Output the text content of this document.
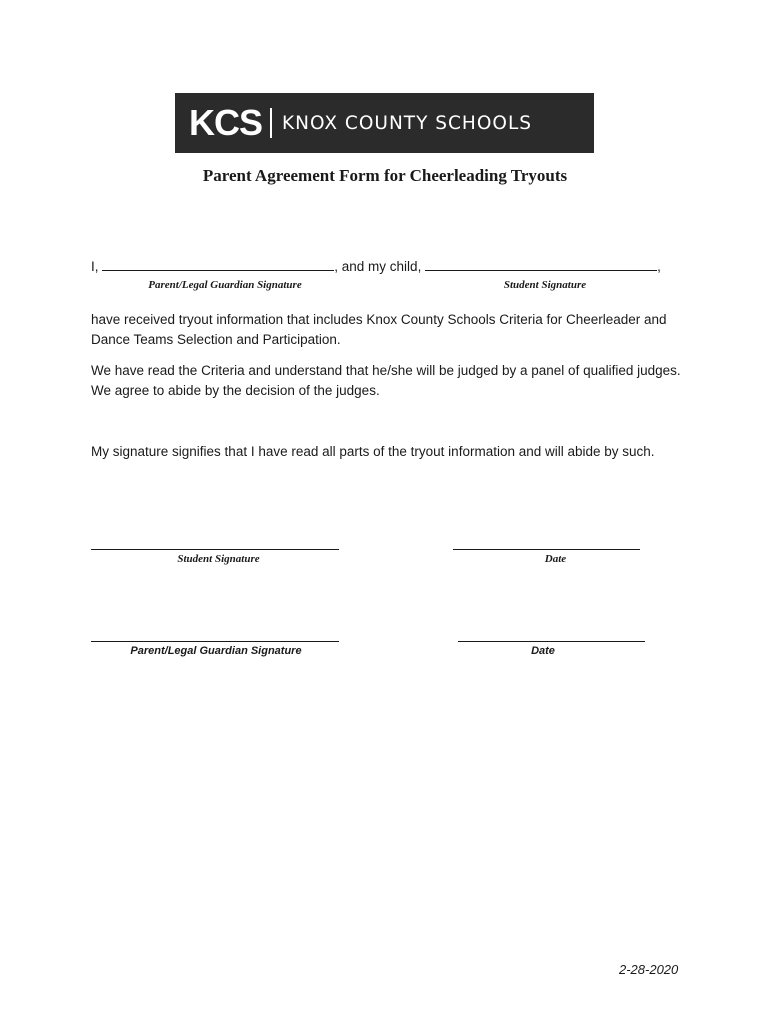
KCS KNOX COUNTY SCHOOLS
Parent Agreement Form for Cheerleading Tryouts
I,	, and my child,	,
Parent/Legal Guardian Signature	Student Signature
have received tryout information that includes Knox County Schools Criteria for Cheerleader and Dance Teams Selection and Participation.
We have read the Criteria and understand that he/she will be judged by a panel of qualified judges. We agree to abide by the decision of the judges.
My signature signifies that I have read all parts of the tryout information and will abide by such.
Student Signature	Date
Parent/Legal Guardian Signature	Date
2-28-2020
